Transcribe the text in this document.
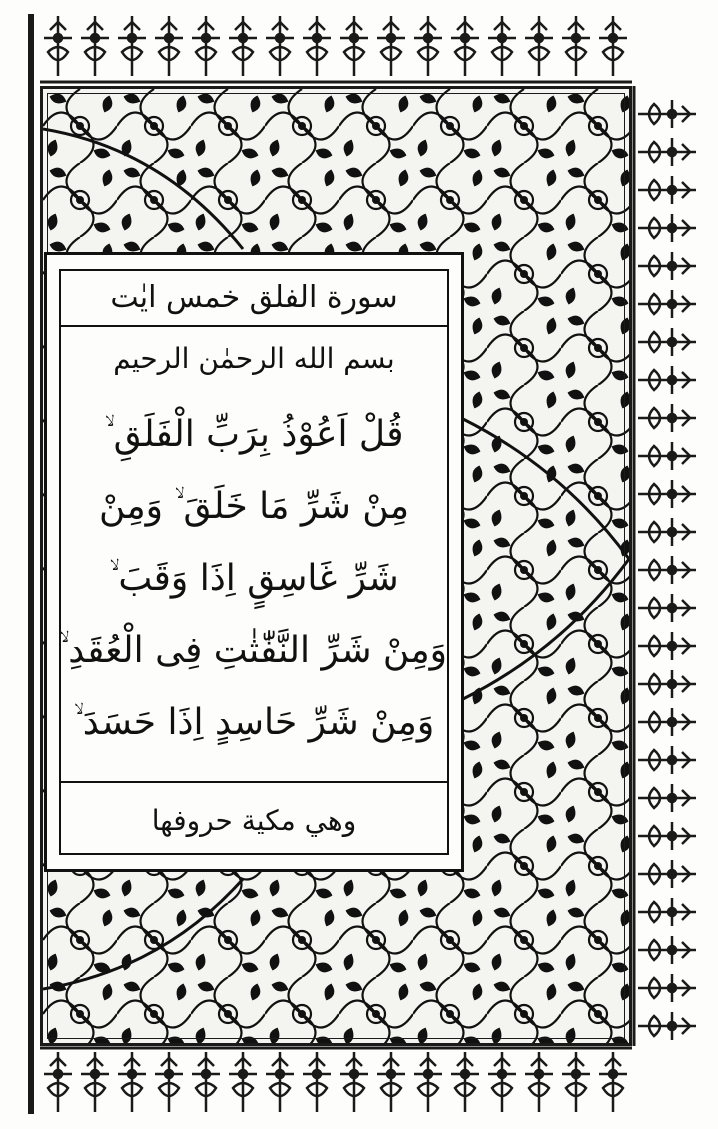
سورة الفلق خمس ايٰت
بسم الله الرحمٰن الرحيم
قُلْ اَعُوْذُ بِرَبِّ الْفَلَقِ ۙ
مِنْ شَرِّ مَا خَلَقَ ۙ وَمِنْ
شَرِّ غَاسِقٍ اِذَا وَقَبَ ۙ
وَمِنْ شَرِّ النَّفّٰثٰتِ فِى الْعُقَدِ ۙ
وَمِنْ شَرِّ حَاسِدٍ اِذَا حَسَدَ ۙ
وهي مكية حروفها
